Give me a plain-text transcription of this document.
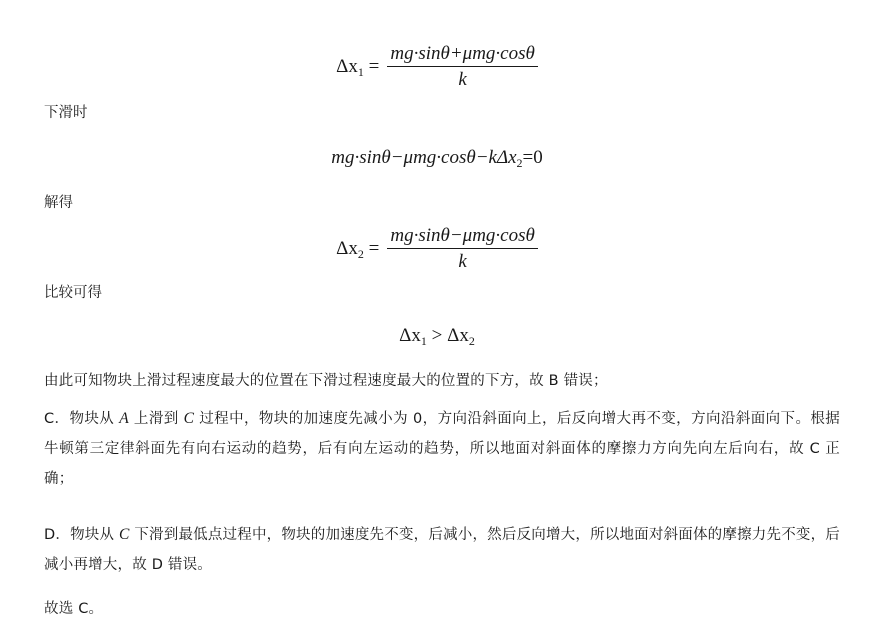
$\Delta x_1 = \frac{\text{mg·sinθ+μmg·cosθ}}{k}$
下滑时
mg·sinθ−μmg·cosθ−kΔx$_2$=0
解得
$\Delta x_2 = \frac{\text{mg·sinθ−μmg·cosθ}}{k}$
比较可得
$\Delta x_1 > \Delta x_2$
由此可知物块上滑过程速度最大的位置在下滑过程速度最大的位置的下方，故 B 错误；
C．物块从 A 上滑到 C 过程中，物块的加速度先减小为 0，方向沿斜面向上，后反向增大再不变，方向沿斜面向下。根据牛顿第三定律斜面先有向右运动的趋势，后有向左运动的趋势，所以地面对斜面体的摩擦力方向先向左后向右，故 C 正确；
D．物块从 C 下滑到最低点过程中，物块的加速度先不变，后减小，然后反向增大，所以地面对斜面体的摩擦力先不变，后减小再增大，故 D 错误。
故选 C。
